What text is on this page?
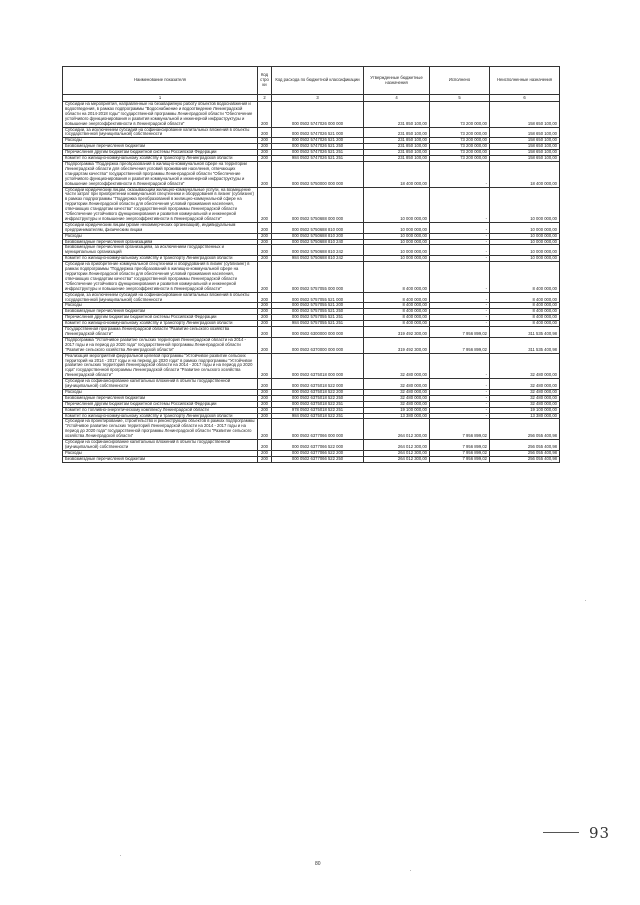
Наименование показателя	Код строки	Код расхода по бюджетной классификации	Утвержденные бюджетные назначения	Исполнено	Неисполненные назначения
1	2	3	4	5	6
Субсидии на мероприятия, направленные на безаварийную работу объектов водоснабжения и водоотведения, в рамках подпрограммы "Водоснабжение и водоотведение Ленинградской области на 2014-2018 годы" государственной программы Ленинградской области "Обеспечение устойчивого функционирования и развития коммунальной и инженерной инфраструктуры и повышение энергоэффективности в Ленинградской области"	200	000 0502 5747026 000 000	231 850 100,00	73 200 000,00	158 650 100,00
Субсидии, за исключением субсидий на софинансирование капитальных вложений в объекты государственной (муниципальной) собственности	200	000 0502 5747026 521 000	231 850 100,00	73 200 000,00	158 650 100,00
Расходы	200	000 0502 5747026 521 200	231 850 100,00	73 200 000,00	158 650 100,00
Безвозмездные перечисления бюджетам	200	000 0502 5747026 521 250	231 850 100,00	73 200 000,00	158 650 100,00
Перечисления другим бюджетам бюджетной системы Российской Федерации	200	000 0502 5747026 521 251	231 850 100,00	73 200 000,00	158 650 100,00
Комитет по жилищно-коммунальному хозяйству и транспорту Ленинградской области	200	984 0502 5747026 521 251	231 850 100,00	73 200 000,00	158 650 100,00
Подпрограмма "Поддержка преобразований в жилищно-коммунальной сфере на территории Ленинградской области для обеспечения условий проживания населения, отвечающих стандартам качества" государственной программы Ленинградской области "Обеспечение устойчивого функционирования и развития коммунальной и инженерной инфраструктуры и повышение энергоэффективности в Ленинградской области"	200	000 0502 5750000 000 000	18 400 000,00	-	18 400 000,00
Субсидии юридическим лицам, оказывающим жилищно-коммунальные услуги, на возмещение части затрат при приобретении коммунальной спецтехники и оборудования в лизинг (сублизинг) в рамках подпрограммы "Поддержка преобразований в жилищно-коммунальной сфере на территории Ленинградской области для обеспечения условий проживания населения, отвечающих стандартам качества" государственной программы Ленинградской области "Обеспечение устойчивого функционирования и развития коммунальной и инженерной инфраструктуры и повышение энергоэффективности в Ленинградской области"	200	000 0502 5750688 000 000	10 000 000,00	-	10 000 000,00
Субсидии юридическим лицам (кроме некоммерческих организаций), индивидуальным предпринимателям, физическим лицам	200	000 0502 5750688 810 000	10 000 000,00	-	10 000 000,00
Расходы	200	000 0502 5750688 810 200	10 000 000,00	-	10 000 000,00
Безвозмездные перечисления организациям	200	000 0502 5750688 810 240	10 000 000,00	-	10 000 000,00
Безвозмездные перечисления организациям, за исключением государственных и муниципальных организаций	200	000 0502 5750688 810 242	10 000 000,00	-	10 000 000,00
Комитет по жилищно-коммунальному хозяйству и транспорту Ленинградской области	200	984 0502 5750688 810 242	10 000 000,00	-	10 000 000,00
Субсидии на приобретение коммунальной спецтехники и оборудования в лизинг (сублизинг) в рамках подпрограммы "Поддержка преобразований в жилищно-коммунальной сфере на территории Ленинградской области для обеспечения условий проживания населения, отвечающих стандартам качества" государственной программы Ленинградской области "Обеспечение устойчивого функционирования и развития коммунальной и инженерной инфраструктуры и повышение энергоэффективности в Ленинградской области"	200	000 0502 5757055 000 000	8 400 000,00	-	8 400 000,00
Субсидии, за исключением субсидий на софинансирование капитальных вложений в объекты государственной (муниципальной) собственности	200	000 0502 5757055 521 000	8 400 000,00	-	8 400 000,00
Расходы	200	000 0502 5757055 521 200	8 400 000,00	-	8 400 000,00
Безвозмездные перечисления бюджетам	200	000 0502 5757055 521 250	8 400 000,00	-	8 400 000,00
Перечисления другим бюджетам бюджетной системы Российской Федерации	200	000 0502 5757055 521 251	8 400 000,00	-	8 400 000,00
Комитет по жилищно-коммунальному хозяйству и транспорту Ленинградской области	200	984 0502 5757055 521 251	8 400 000,00	-	8 400 000,00
Государственная программа Ленинградской области "Развитие сельского хозяйства Ленинградской области"	200	000 0502 6300000 000 000	319 492 300,00	7 956 899,02	311 535 400,98
Подпрограмма "Устойчивое развитие сельских территорий Ленинградской области на 2014 - 2017 годы и на период до 2020 года" государственной программы Ленинградской области "Развитие сельского хозяйства Ленинградской области"	200	000 0502 6370000 000 000	319 492 300,00	7 956 899,02	311 535 400,98
Реализация мероприятий федеральной целевой программы "Устойчивое развитие сельских территорий на 2014 - 2017 годы и на период до 2020 года" в рамках подпрограммы "Устойчивое развитие сельских территорий Ленинградской области на 2014 - 2017 годы и на период до 2020 года" государственной программы Ленинградской области "Развитие сельского хозяйства Ленинградской области"	200	000 0502 6375018 000 000	32 480 000,00	-	32 480 000,00
Субсидии на софинансирование капитальных вложений в объекты государственной (муниципальной) собственности	200	000 0502 6375018 522 000	32 480 000,00	-	32 480 000,00
Расходы	200	000 0502 6375018 522 200	32 480 000,00	-	32 480 000,00
Безвозмездные перечисления бюджетам	200	000 0502 6375018 522 250	32 480 000,00	-	32 480 000,00
Перечисления другим бюджетам бюджетной системы Российской Федерации	200	000 0502 6375018 522 251	32 480 000,00	-	32 480 000,00
Комитет по топливно-энергетическому комплексу Ленинградской области	200	978 0502 6375018 522 251	19 100 000,00	-	19 100 000,00
Комитет по жилищно-коммунальному хозяйству и транспорту Ленинградской области	200	984 0502 6375018 522 251	13 380 000,00	-	13 380 000,00
Субсидии на проектирование, строительство и реконструкцию объектов в рамках подпрограммы "Устойчивое развитие сельских территорий Ленинградской области на 2014 - 2017 годы и на период до 2020 года" государственной программы Ленинградской области "Развитие сельского хозяйства Ленинградской области"	200	000 0502 6377066 000 000	264 012 300,00	7 956 899,02	256 055 400,98
Субсидии на софинансирование капитальных вложений в объекты государственной (муниципальной) собственности	200	000 0502 6377066 522 000	264 012 300,00	7 956 899,02	256 055 400,98
Расходы	200	000 0502 6377066 522 200	264 012 300,00	7 956 899,02	256 055 400,98
Безвозмездные перечисления бюджетам	200	000 0502 6377066 522 250	264 012 300,00	7 956 899,02	256 055 400,98
93
80
